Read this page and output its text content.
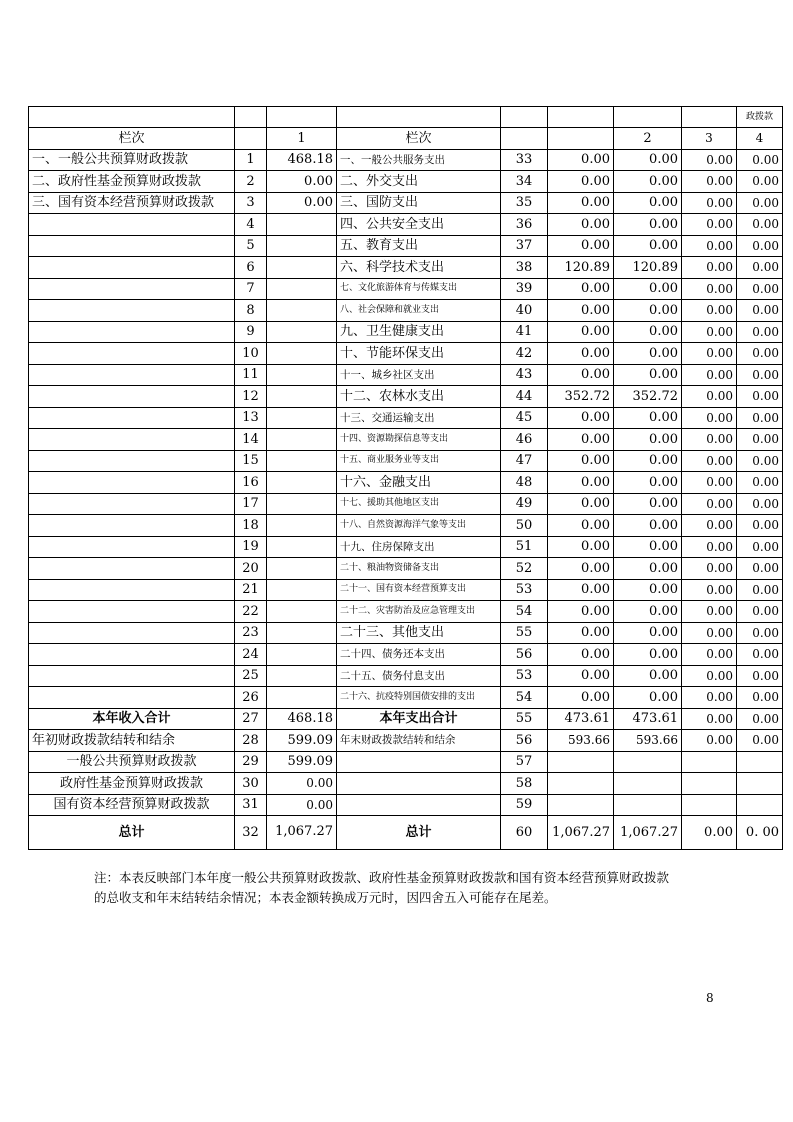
								政拨款
栏次		1	栏次			2	3	4
一、一般公共预算财政拨款	1	468.18	一、一般公共服务支出	33	0.00	0.00	0.00	0.00
二、政府性基金预算财政拨款	2	0.00	二、外交支出	34	0.00	0.00	0.00	0.00
三、国有资本经营预算财政拨款	3	0.00	三、国防支出	35	0.00	0.00	0.00	0.00
	4		四、公共安全支出	36	0.00	0.00	0.00	0.00
	5		五、教育支出	37	0.00	0.00	0.00	0.00
	6		六、科学技术支出	38	120.89	120.89	0.00	0.00
	7		七、文化旅游体育与传媒支出	39	0.00	0.00	0.00	0.00
	8		八、社会保障和就业支出	40	0.00	0.00	0.00	0.00
	9		九、卫生健康支出	41	0.00	0.00	0.00	0.00
	10		十、节能环保支出	42	0.00	0.00	0.00	0.00
	11		十一、城乡社区支出	43	0.00	0.00	0.00	0.00
	12		十二、农林水支出	44	352.72	352.72	0.00	0.00
	13		十三、交通运输支出	45	0.00	0.00	0.00	0.00
	14		十四、资源勘探信息等支出	46	0.00	0.00	0.00	0.00
	15		十五、商业服务业等支出	47	0.00	0.00	0.00	0.00
	16		十六、金融支出	48	0.00	0.00	0.00	0.00
	17		十七、援助其他地区支出	49	0.00	0.00	0.00	0.00
	18		十八、自然资源海洋气象等支出	50	0.00	0.00	0.00	0.00
	19		十九、住房保障支出	51	0.00	0.00	0.00	0.00
	20		二十、粮油物资储备支出	52	0.00	0.00	0.00	0.00
	21		二十一、国有资本经营预算支出	53	0.00	0.00	0.00	0.00
	22		二十二、灾害防治及应急管理支出	54	0.00	0.00	0.00	0.00
	23		二十三、其他支出	55	0.00	0.00	0.00	0.00
	24		二十四、债务还本支出	56	0.00	0.00	0.00	0.00
	25		二十五、债务付息支出	53	0.00	0.00	0.00	0.00
	26		二十六、抗疫特别国债安排的支出	54	0.00	0.00	0.00	0.00
本年收入合计	27	468.18	本年支出合计	55	473.61	473.61	0.00	0.00
年初财政拨款结转和结余	28	599.09	年末财政拨款结转和结余	56	593.66	593.66	0.00	0.00
一般公共预算财政拨款	29	599.09		57				
政府性基金预算财政拨款	30	0.00		58				
国有资本经营预算财政拨款	31	0.00		59				
总计	32	1,067.27	总计	60	1,067.27	1,067.27	0.00	0. 00
注：本表反映部门本年度一般公共预算财政拨款、政府性基金预算财政拨款和国有资本经营预算财政拨款
的总收支和年末结转结余情况；本表金额转换成万元时，因四舍五入可能存在尾差。
8
